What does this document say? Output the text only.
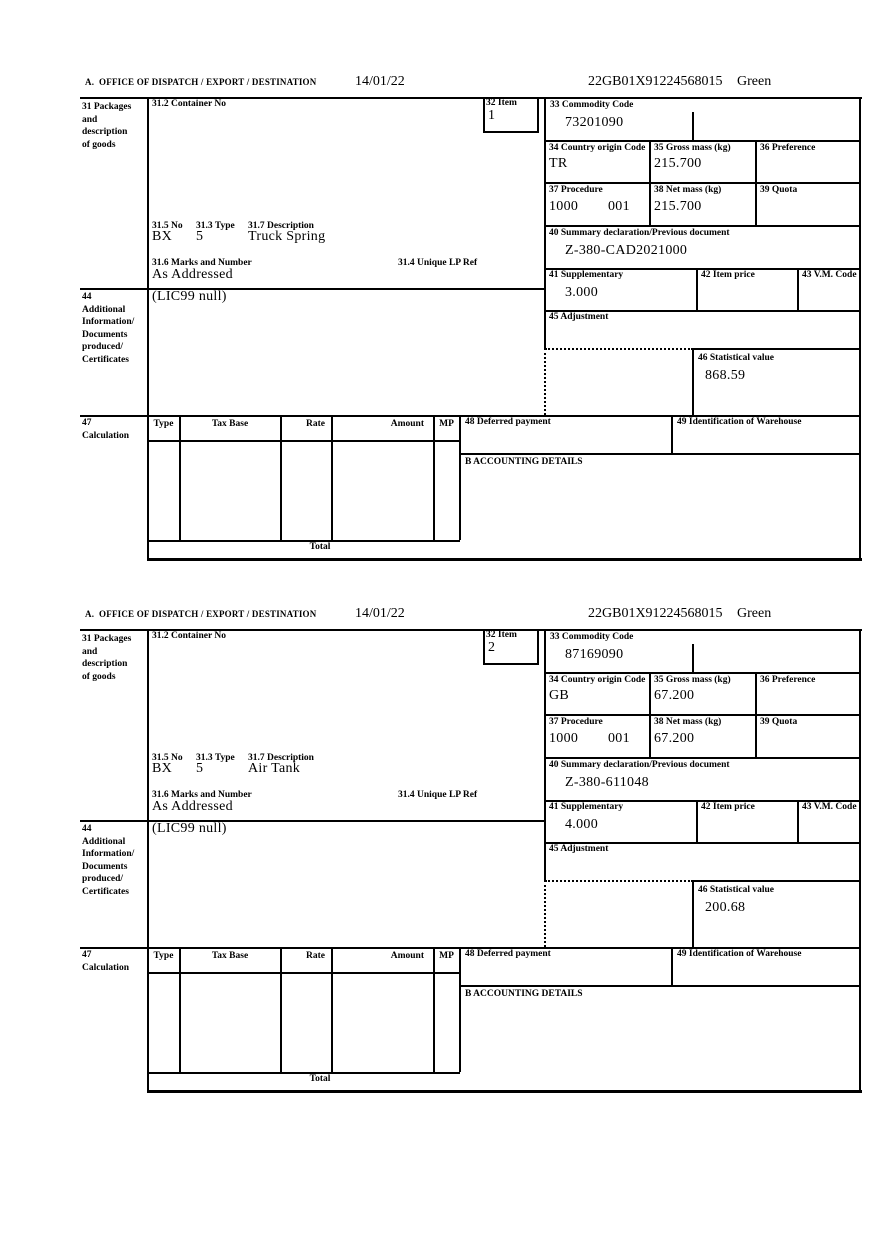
A.  OFFICE OF DISPATCH / EXPORT / DESTINATION	14/01/22	22GB01X91224568015 Green
31 Packages
and
description
of goods
44
Additional
Information/
Documents
produced/
Certificates
47
Calculation
31.2 Container No	32 Item
1
31.5 No 31.3 Type 31.7 Description
BX 5	Truck Spring
31.6 Marks and Number
As Addressed
31.4 Unique LP Ref
(LIC99 null)
33 Commodity Code
73201090
34 Country origin Code
TR
35 Gross mass (kg)
215.700
36 Preference
37 Procedure
1000 001
38 Net mass (kg)
215.700
39 Quota
40 Summary declaration/Previous document
Z-380-CAD2021000
41 Supplementary
3.000
42 Item price	43 V.M. Code
45 Adjustment
46 Statistical value
868.59
Type	Tax Base	Rate	Amount	MP
Total
48 Deferred payment	49 Identification of Warehouse
B ACCOUNTING DETAILS
A.  OFFICE OF DISPATCH / EXPORT / DESTINATION	14/01/22	22GB01X91224568015 Green
31 Packages
and
description
of goods
44
Additional
Information/
Documents
produced/
Certificates
47
Calculation
31.2 Container No	32 Item
2
31.5 No 31.3 Type 31.7 Description
BX 5	Air Tank
31.6 Marks and Number
As Addressed
31.4 Unique LP Ref
(LIC99 null)
33 Commodity Code
87169090
34 Country origin Code
GB
35 Gross mass (kg)
67.200
36 Preference
37 Procedure
1000 001
38 Net mass (kg)
67.200
39 Quota
40 Summary declaration/Previous document
Z-380-611048
41 Supplementary
4.000
42 Item price	43 V.M. Code
45 Adjustment
46 Statistical value
200.68
Type	Tax Base	Rate	Amount	MP
Total
48 Deferred payment	49 Identification of Warehouse
B ACCOUNTING DETAILS
